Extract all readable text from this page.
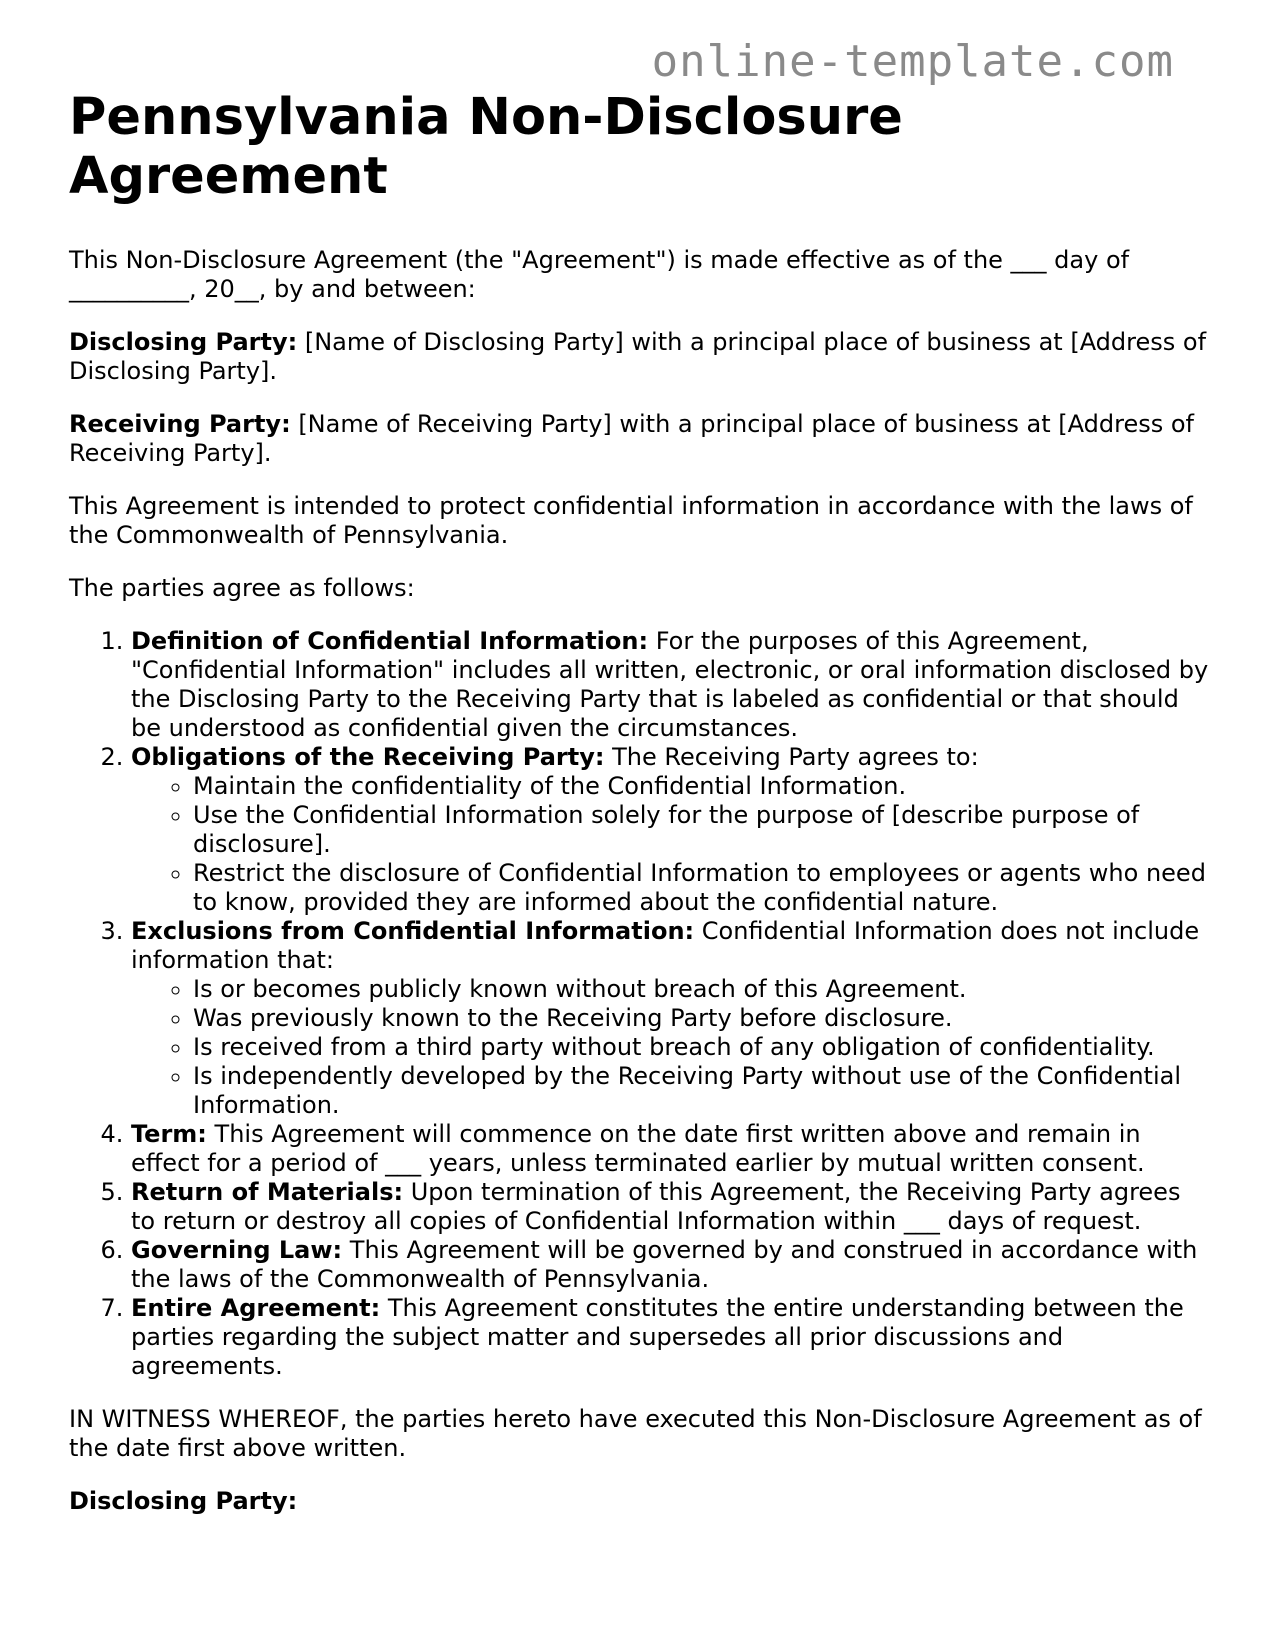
online-template.com
Pennsylvania Non-Disclosure Agreement

This Non-Disclosure Agreement (the "Agreement") is made effective as of the ___ day of __________, 20__, by and between:

Disclosing Party: [Name of Disclosing Party] with a principal place of business at [Address of Disclosing Party].

Receiving Party: [Name of Receiving Party] with a principal place of business at [Address of Receiving Party].

This Agreement is intended to protect confidential information in accordance with the laws of the Commonwealth of Pennsylvania.

The parties agree as follows:

1. Definition of Confidential Information: For the purposes of this Agreement, "Confidential Information" includes all written, electronic, or oral information disclosed by the Disclosing Party to the Receiving Party that is labeled as confidential or that should be understood as confidential given the circumstances.
2. Obligations of the Receiving Party: The Receiving Party agrees to:
◦ Maintain the confidentiality of the Confidential Information.
◦ Use the Confidential Information solely for the purpose of [describe purpose of disclosure].
◦ Restrict the disclosure of Confidential Information to employees or agents who need to know, provided they are informed about the confidential nature.
3. Exclusions from Confidential Information: Confidential Information does not include information that:
◦ Is or becomes publicly known without breach of this Agreement.
◦ Was previously known to the Receiving Party before disclosure.
◦ Is received from a third party without breach of any obligation of confidentiality.
◦ Is independently developed by the Receiving Party without use of the Confidential Information.
4. Term: This Agreement will commence on the date first written above and remain in effect for a period of ___ years, unless terminated earlier by mutual written consent.
5. Return of Materials: Upon termination of this Agreement, the Receiving Party agrees to return or destroy all copies of Confidential Information within ___ days of request.
6. Governing Law: This Agreement will be governed by and construed in accordance with the laws of the Commonwealth of Pennsylvania.
7. Entire Agreement: This Agreement constitutes the entire understanding between the parties regarding the subject matter and supersedes all prior discussions and agreements.

IN WITNESS WHEREOF, the parties hereto have executed this Non-Disclosure Agreement as of the date first above written.

Disclosing Party:
